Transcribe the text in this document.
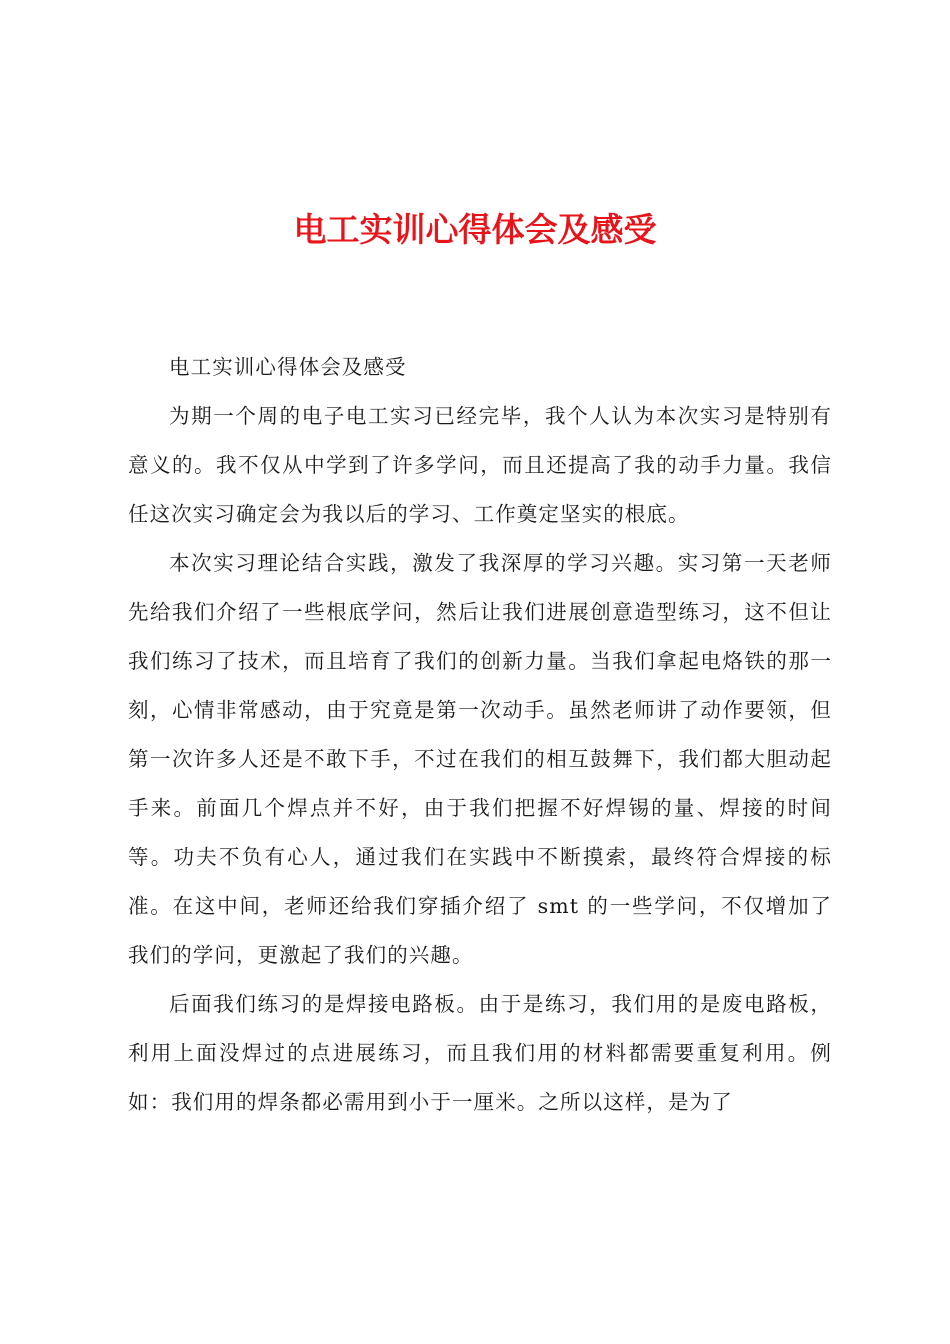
电工实训心得体会及感受

电工实训心得体会及感受

为期一个周的电子电工实习已经完毕，我个人认为本次实习是特别有意义的。我不仅从中学到了许多学问，而且还提高了我的动手力量。我信任这次实习确定会为我以后的学习、工作奠定坚实的根底。

本次实习理论结合实践，激发了我深厚的学习兴趣。实习第一天老师先给我们介绍了一些根底学问，然后让我们进展创意造型练习，这不但让我们练习了技术，而且培育了我们的创新力量。当我们拿起电烙铁的那一刻，心情非常感动，由于究竟是第一次动手。虽然老师讲了动作要领，但第一次许多人还是不敢下手，不过在我们的相互鼓舞下，我们都大胆动起手来。前面几个焊点并不好，由于我们把握不好焊锡的量、焊接的时间等。功夫不负有心人，通过我们在实践中不断摸索，最终符合焊接的标准。在这中间，老师还给我们穿插介绍了 smt 的一些学问，不仅增加了我们的学问，更激起了我们的兴趣。

后面我们练习的是焊接电路板。由于是练习，我们用的是废电路板，利用上面没焊过的点进展练习，而且我们用的材料都需要重复利用。例如：我们用的焊条都必需用到小于一厘米。之所以这样，是为了
